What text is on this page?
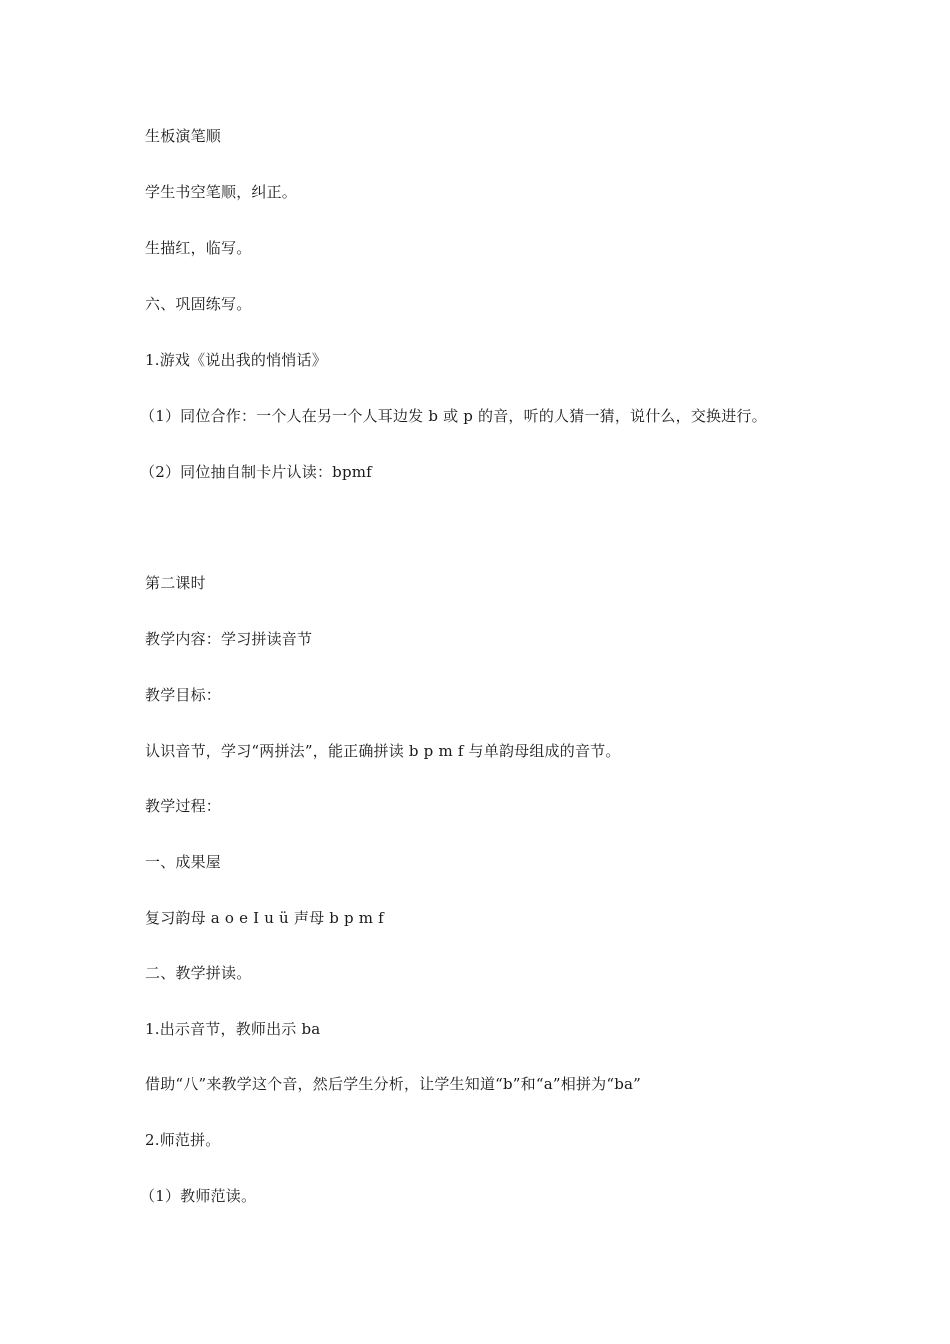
生板演笔顺
学生书空笔顺，纠正。
生描红，临写。
六、巩固练写。
1.游戏《说出我的悄悄话》
（1）同位合作：一个人在另一个人耳边发 b 或 p 的音，听的人猜一猜，说什么，交换进行。
（2）同位抽自制卡片认读：bpmf
第二课时
教学内容：学习拼读音节
教学目标：
认识音节，学习“两拼法”，能正确拼读 b p m f 与单韵母组成的音节。
教学过程：
一、成果屋
复习韵母 a o e I u ü 声母 b p m f
二、教学拼读。
1.出示音节，教师出示 ba
借助“八”来教学这个音，然后学生分析，让学生知道“b”和“a”相拼为“ba”
2.师范拼。
（1）教师范读。
